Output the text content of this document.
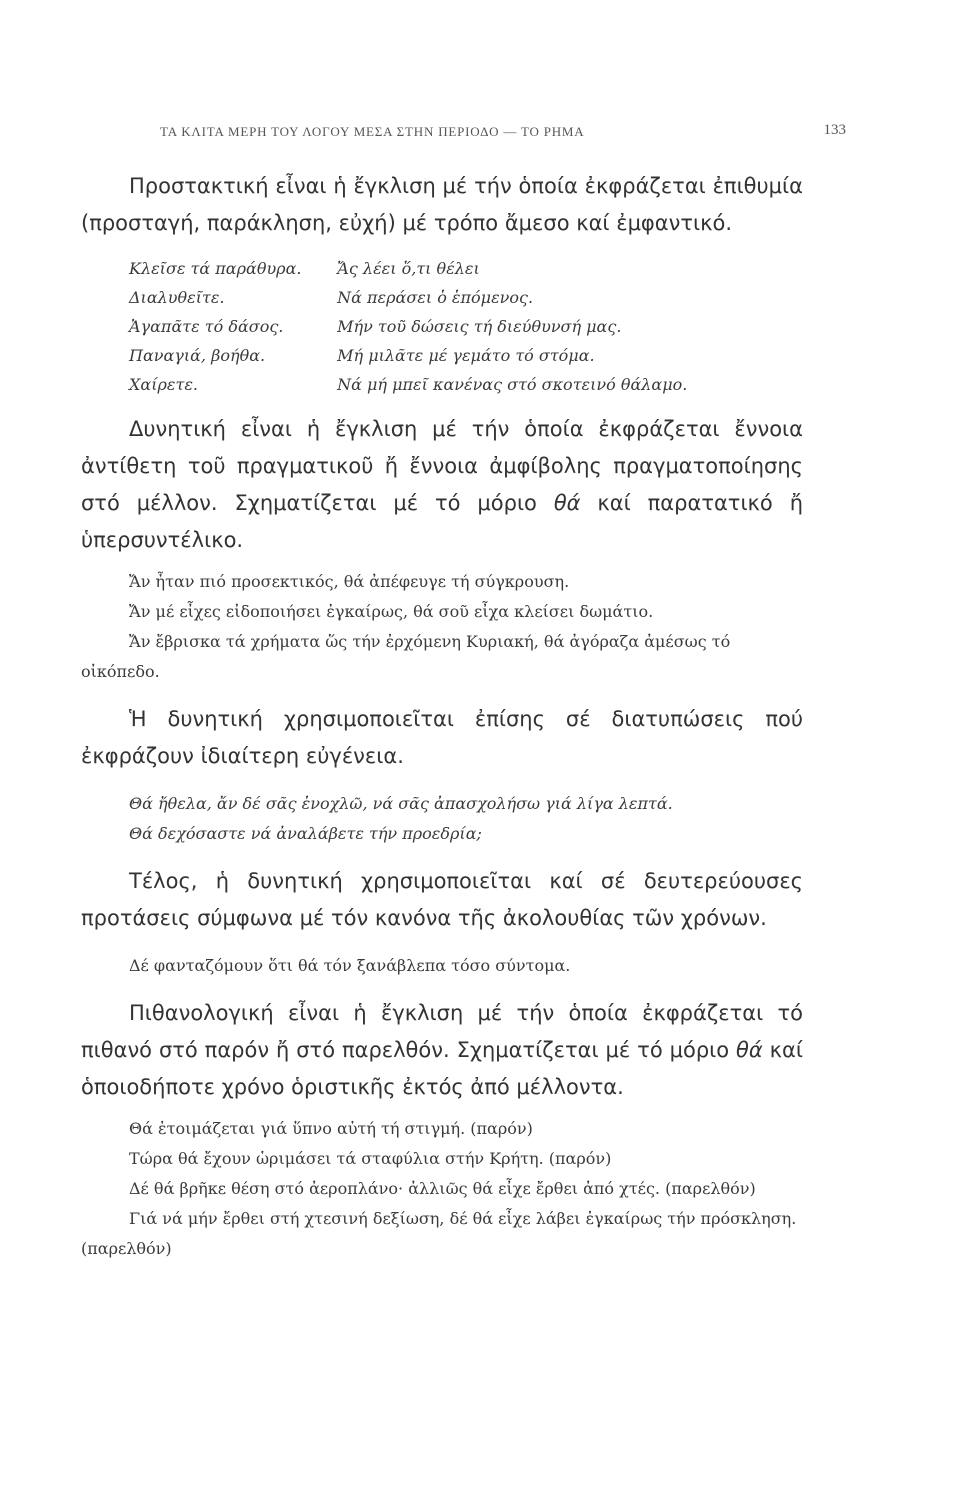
ΤΑ ΚΛΙΤΑ ΜΕΡΗ ΤΟΥ ΛΟΓΟΥ ΜΕΣΑ ΣΤΗΝ ΠΕΡΙΟΔΟ — ΤΟ ΡΗΜΑ	133

Προστακτική εἶναι ἡ ἔγκλιση μέ τήν ὁποία ἐκφράζεται ἐπιθυμία (προσταγή, παράκληση, εὐχή) μέ τρόπο ἄμεσο καί ἐμφαντικό.

Κλεῖσε τά παράθυρα.
Διαλυθεῖτε.
Ἀγαπᾶτε τό δάσος.
Παναγιά, βοήθα.
Χαίρετε.
Ἄς λέει ὅ,τι θέλει
Νά περάσει ὁ ἑπόμενος.
Μήν τοῦ δώσεις τή διεύθυνσή μας.
Μή μιλᾶτε μέ γεμάτο τό στόμα.
Νά μή μπεῖ κανένας στό σκοτεινό θάλαμο.

Δυνητική εἶναι ἡ ἔγκλιση μέ τήν ὁποία ἐκφράζεται ἔννοια ἀντίθετη τοῦ πραγματικοῦ ἤ ἔννοια ἀμφίβολης πραγματοποίησης στό μέλλον. Σχηματίζεται μέ τό μόριο θά καί παρατατικό ἤ ὑπερσυντέλικο.

Ἄν ἦταν πιό προσεκτικός, θά ἀπέφευγε τή σύγκρουση.

Ἄν μέ εἶχες εἰδοποιήσει ἐγκαίρως, θά σοῦ εἶχα κλείσει δωμάτιο.

Ἄν ἔβρισκα τά χρήματα ὥς τήν ἐρχόμενη Κυριακή, θά ἀγόραζα ἀμέσως τό οἰκόπεδο.

Ἡ δυνητική χρησιμοποιεῖται ἐπίσης σέ διατυπώσεις πού ἐκφράζουν ἰδιαίτερη εὐγένεια.

Θά ἤθελα, ἄν δέ σᾶς ἐνοχλῶ, νά σᾶς ἀπασχολήσω γιά λίγα λεπτά.
Θά δεχόσαστε νά ἀναλάβετε τήν προεδρία;

Τέλος, ἡ δυνητική χρησιμοποιεῖται καί σέ δευτερεύουσες προτάσεις σύμφωνα μέ τόν κανόνα τῆς ἀκολουθίας τῶν χρόνων.

Δέ φανταζόμουν ὅτι θά τόν ξανάβλεπα τόσο σύντομα.

Πιθανολογική εἶναι ἡ ἔγκλιση μέ τήν ὁποία ἐκφράζεται τό πιθανό στό παρόν ἤ στό παρελθόν. Σχηματίζεται μέ τό μόριο θά καί ὁποιοδήποτε χρόνο ὁριστικῆς ἐκτός ἀπό μέλλοντα.

Θά ἑτοιμάζεται γιά ὕπνο αὐτή τή στιγμή. (παρόν)

Τώρα θά ἔχουν ὡριμάσει τά σταφύλια στήν Κρήτη. (παρόν)

Δέ θά βρῆκε θέση στό ἀεροπλάνο· ἀλλιῶς θά εἶχε ἔρθει ἀπό χτές. (παρελθόν)

Γιά νά μήν ἔρθει στή χτεσινή δεξίωση, δέ θά εἶχε λάβει ἐγκαίρως τήν πρόσκληση. (παρελθόν)
